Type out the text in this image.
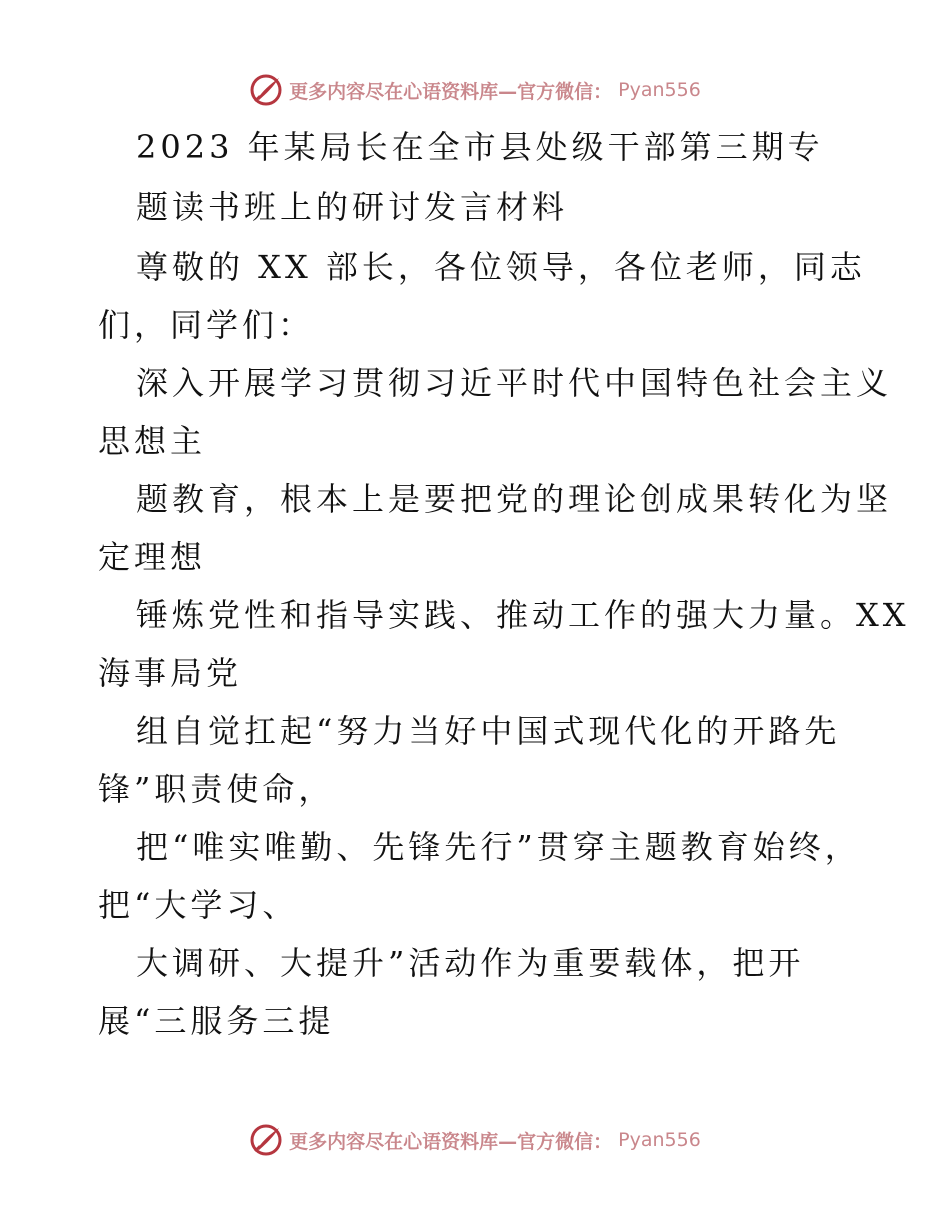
更多内容尽在心语资料库—官方微信： Pyan556
2023 年某局长在全市县处级干部第三期专
题读书班上的研讨发言材料
尊敬的 XX 部长，各位领导，各位老师，同志
们，同学们：
深入开展学习贯彻习近平时代中国特色社会主义
思想主
题教育，根本上是要把党的理论创成果转化为坚
定理想
锤炼党性和指导实践、推动工作的强大力量。XX
海事局党
组自觉扛起“努力当好中国式现代化的开路先
锋”职责使命，
把“唯实唯勤、先锋先行”贯穿主题教育始终，
把“大学习、
大调研、大提升”活动作为重要载体，把开
展“三服务三提
更多内容尽在心语资料库—官方微信： Pyan556
